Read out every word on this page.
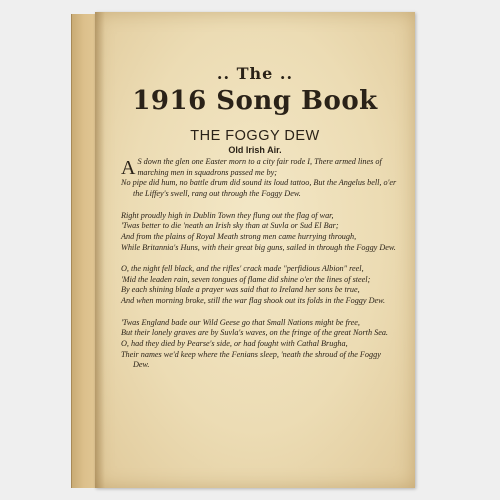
.. The ..
1916 Song Book
THE FOGGY DEW
Old Irish Air.
A S down the glen one Easter morn to a city fair rode I, There armed lines of marching men in squadrons passed me by;
No pipe did hum, no battle drum did sound its loud tattoo, But the Angelus bell, o'er the Liffey's swell, rang out through the Foggy Dew.
Right proudly high in Dublin Town they flung out the flag of war,
'Twas better to die 'neath an Irish sky than at Suvla or Sud El Bar;
And from the plains of Royal Meath strong men came hurrying through,
While Britannia's Huns, with their great big guns, sailed in through the Foggy Dew.
O, the night fell black, and the rifles' crack made "perfidious Albion" reel,
'Mid the leaden rain, seven tongues of flame did shine o'er the lines of steel;
By each shining blade a prayer was said that to Ireland her sons be true,
And when morning broke, still the war flag shook out its folds in the Foggy Dew.
'Twas England bade our Wild Geese go that Small Nations might be free,
But their lonely graves are by Suvla's waves, on the fringe of the great North Sea.
O, had they died by Pearse's side, or had fought with Cathal Brugha,
Their names we'd keep where the Fenians sleep, 'neath the shroud of the Foggy Dew.
